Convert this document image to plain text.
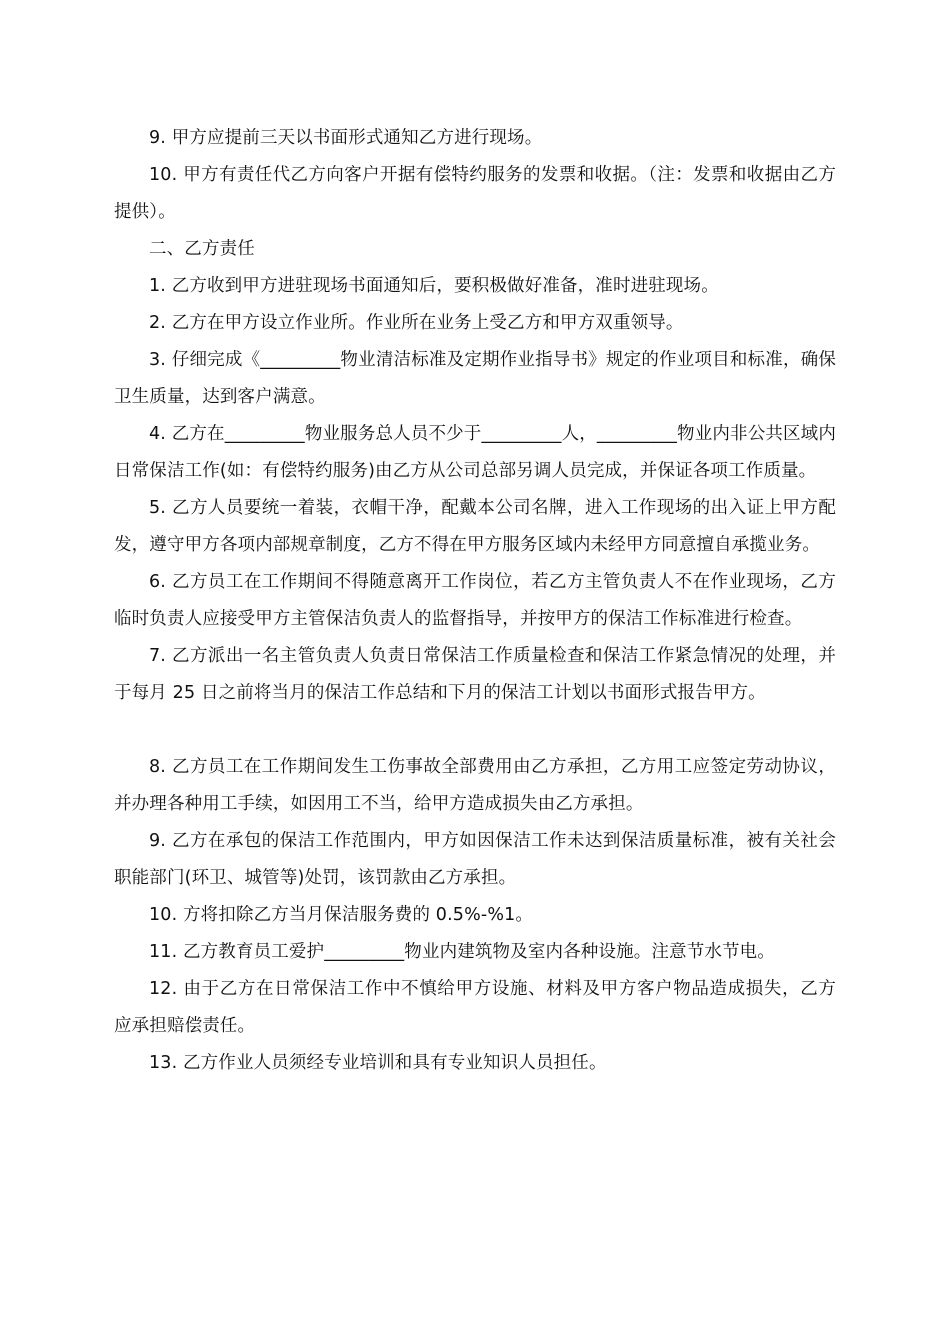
9. 甲方应提前三天以书面形式通知乙方进行现场。

10. 甲方有责任代乙方向客户开据有偿特约服务的发票和收据。（注：发票和收据由乙方提供）。

二、乙方责任

1. 乙方收到甲方进驻现场书面通知后，要积极做好准备，准时进驻现场。

2. 乙方在甲方设立作业所。作业所在业务上受乙方和甲方双重领导。

3. 仔细完成《_________物业清洁标准及定期作业指导书》规定的作业项目和标准，确保卫生质量，达到客户满意。

4. 乙方在_________物业服务总人员不少于_________人，_________物业内非公共区域内日常保洁工作(如：有偿特约服务)由乙方从公司总部另调人员完成，并保证各项工作质量。

5. 乙方人员要统一着装，衣帽干净，配戴本公司名牌，进入工作现场的出入证上甲方配发，遵守甲方各项内部规章制度，乙方不得在甲方服务区域内未经甲方同意擅自承揽业务。

6. 乙方员工在工作期间不得随意离开工作岗位，若乙方主管负责人不在作业现场，乙方临时负责人应接受甲方主管保洁负责人的监督指导，并按甲方的保洁工作标准进行检查。

7. 乙方派出一名主管负责人负责日常保洁工作质量检查和保洁工作紧急情况的处理，并于每月 25 日之前将当月的保洁工作总结和下月的保洁工计划以书面形式报告甲方。

8. 乙方员工在工作期间发生工伤事故全部费用由乙方承担，乙方用工应签定劳动协议，并办理各种用工手续，如因用工不当，给甲方造成损失由乙方承担。

9. 乙方在承包的保洁工作范围内，甲方如因保洁工作未达到保洁质量标准，被有关社会职能部门(环卫、城管等)处罚，该罚款由乙方承担。

10. 方将扣除乙方当月保洁服务费的 0.5%-%1。

11. 乙方教育员工爱护_________物业内建筑物及室内各种设施。注意节水节电。

12. 由于乙方在日常保洁工作中不慎给甲方设施、材料及甲方客户物品造成损失，乙方应承担赔偿责任。

13. 乙方作业人员须经专业培训和具有专业知识人员担任。
